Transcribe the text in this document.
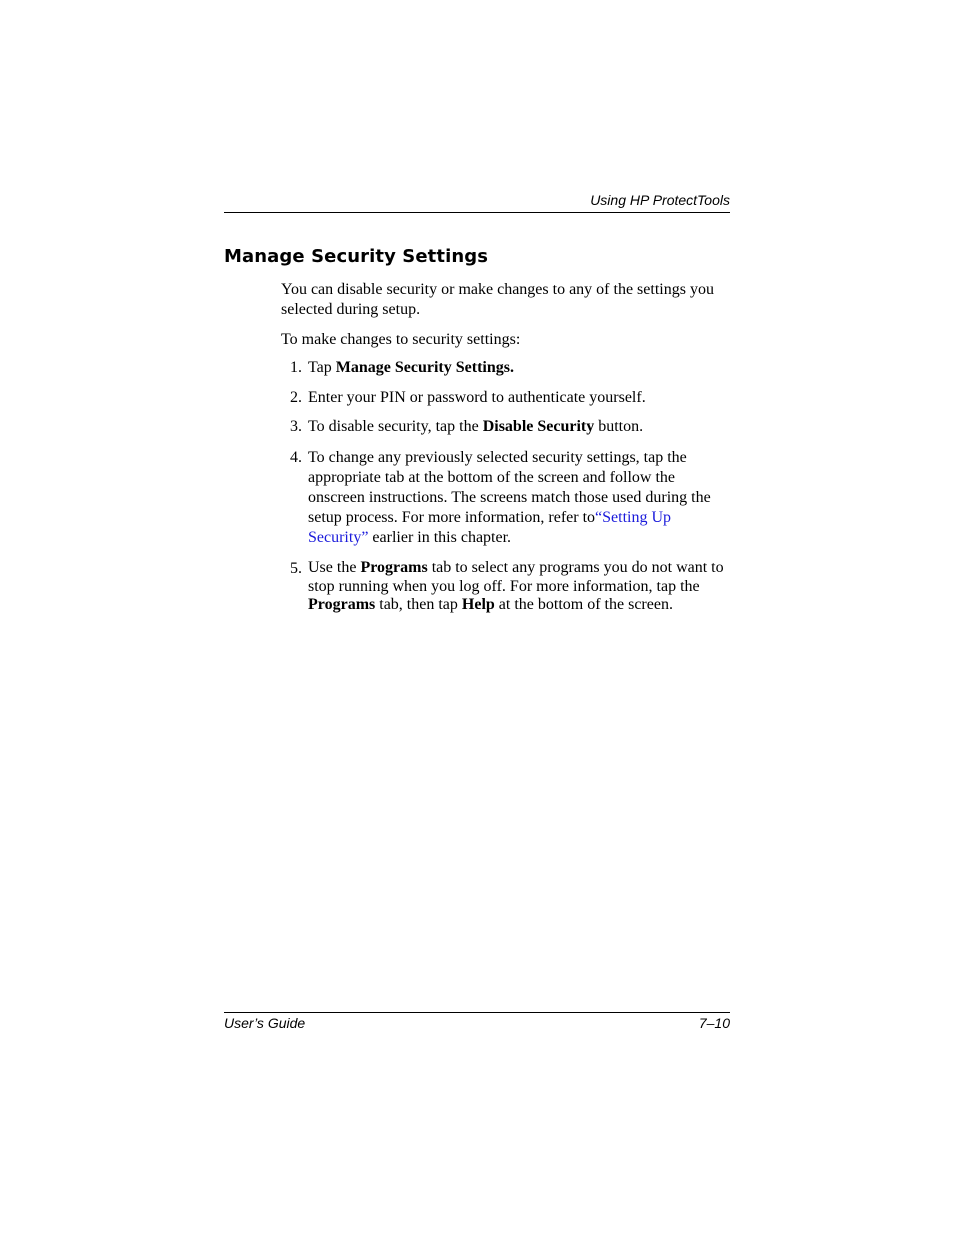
Using HP ProtectTools
Manage Security Settings

You can disable security or make changes to any of the settings you selected during setup.

To make changes to security settings:

1. Tap Manage Security Settings.
2. Enter your PIN or password to authenticate yourself.
3. To disable security, tap the Disable Security button.
4. To change any previously selected security settings, tap the appropriate tab at the bottom of the screen and follow the onscreen instructions. The screens match those used during the setup process. For more information, refer to“Setting Up Security” earlier in this chapter.
5. Use the Programs tab to select any programs you do not want to stop running when you log off. For more information, tap the Programs tab, then tap Help at the bottom of the screen.
User’s Guide	7–10
